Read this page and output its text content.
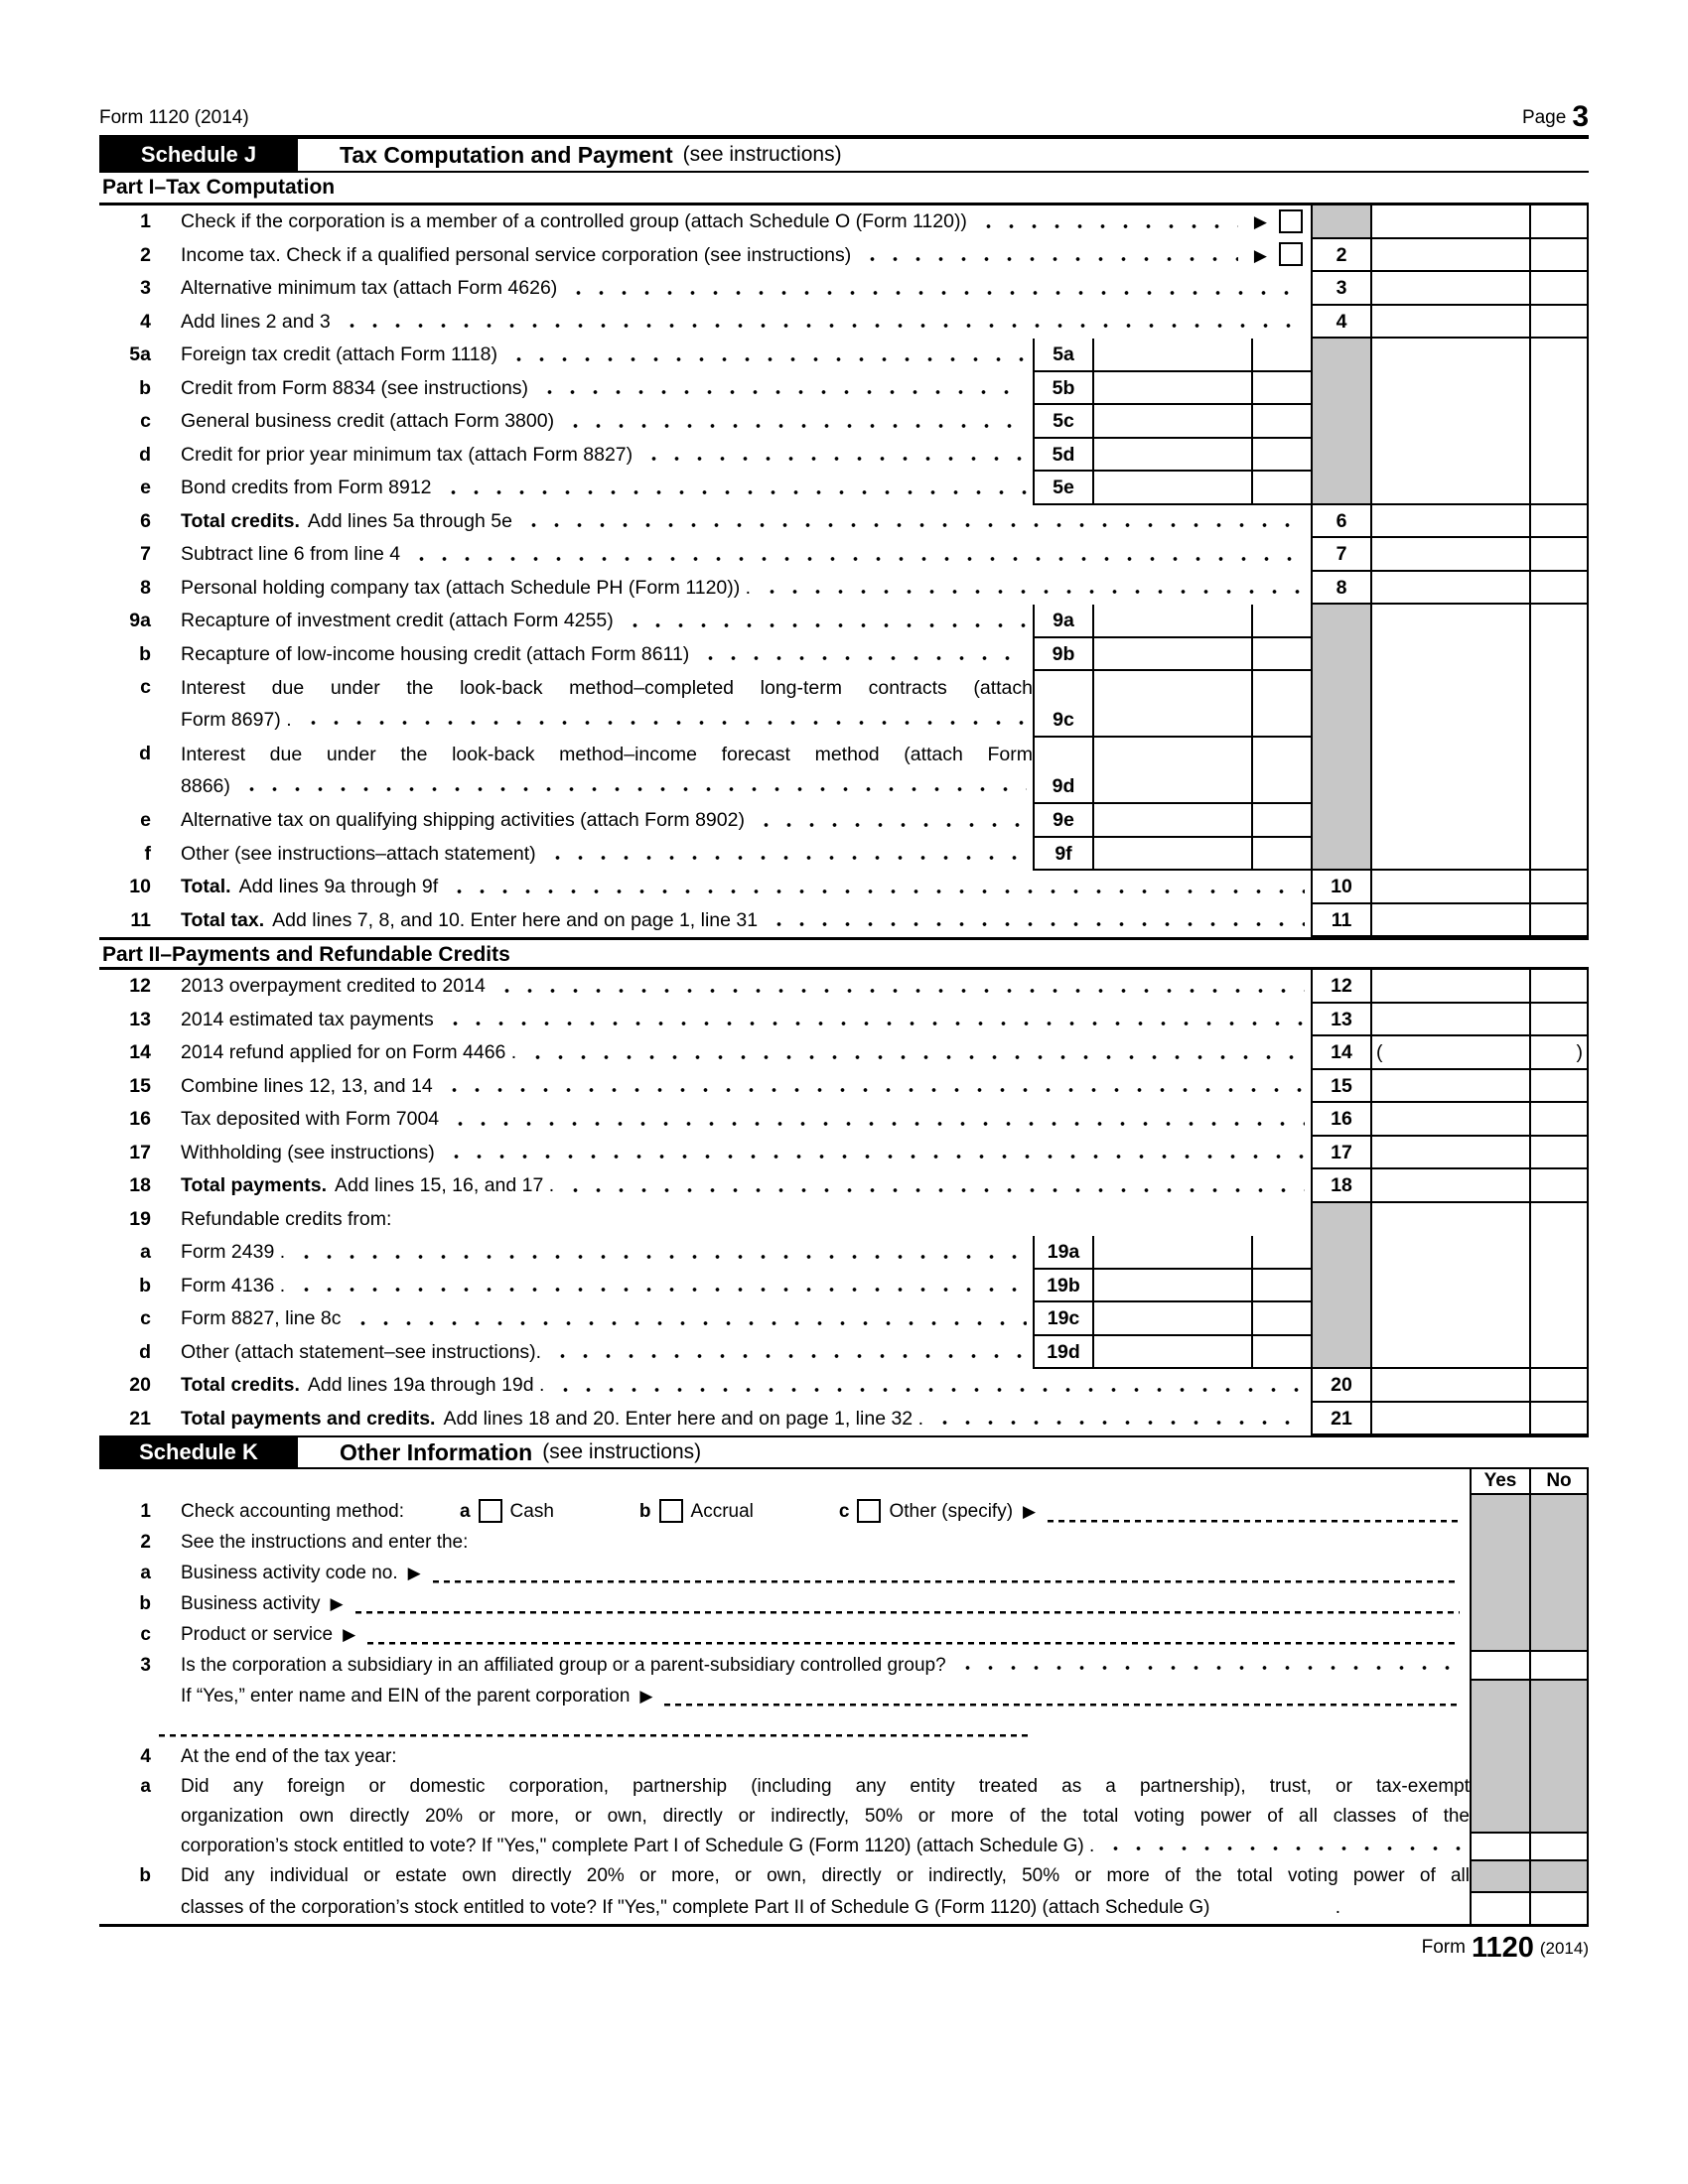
Form 1120 (2014)	Page 3
Schedule J	Tax Computation and Payment (see instructions)
Part I–Tax Computation
1 Check if the corporation is a member of a controlled group (attach Schedule O (Form 1120))	▶
2 Income tax. Check if a qualified personal service corporation (see instructions)	▶	2
3 Alternative minimum tax (attach Form 4626)	3
4 Add lines 2 and 3	4
5a Foreign tax credit (attach Form 1118)	5a
b Credit from Form 8834 (see instructions)	5b
c General business credit (attach Form 3800)	5c
d Credit for prior year minimum tax (attach Form 8827)	5d
e Bond credits from Form 8912	5e
6 Total credits. Add lines 5a through 5e	6
7 Subtract line 6 from line 4	7
8 Personal holding company tax (attach Schedule PH (Form 1120)) .	8
9a Recapture of investment credit (attach Form 4255)	9a
b Recapture of low-income housing credit (attach Form 8611)	9b
c Interest due under the look-back method–completed long-term contracts (attach
Form 8697) .	9c
d Interest due under the look-back method–income forecast method (attach Form
8866)	9d
e Alternative tax on qualifying shipping activities (attach Form 8902)	9e
f Other (see instructions–attach statement)	9f
10 Total. Add lines 9a through 9f	10
11 Total tax. Add lines 7, 8, and 10. Enter here and on page 1, line 31	11
Part II–Payments and Refundable Credits
12 2013 overpayment credited to 2014	12
13 2014 estimated tax payments	13
14 2014 refund applied for on Form 4466 .	14	(	)
15 Combine lines 12, 13, and 14	15
16 Tax deposited with Form 7004	16
17 Withholding (see instructions)	17
18 Total payments. Add lines 15, 16, and 17 .	18
19 Refundable credits from:
a Form 2439 .	19a
b Form 4136 .	19b
c Form 8827, line 8c	19c
d Other (attach statement–see instructions).	19d
20 Total credits. Add lines 19a through 19d .	20
21 Total payments and credits. Add lines 18 and 20. Enter here and on page 1, line 32 .	21
Schedule K	Other Information (see instructions)
Yes	No
1 Check accounting method:	a Cash	b Accrual	c Other (specify) ▶
2 See the instructions and enter the:
a Business activity code no. ▶
b Business activity ▶
c Product or service ▶
3 Is the corporation a subsidiary in an affiliated group or a parent-subsidiary controlled group?
If “Yes,” enter name and EIN of the parent corporation ▶
4 At the end of the tax year:
a	Did any foreign or domestic corporation, partnership (including any entity treated as a partnership), trust, or tax-exempt
organization own directly 20% or more, or own, directly or indirectly, 50% or more of the total voting power of all classes of the
corporation’s stock entitled to vote? If "Yes," complete Part I of Schedule G (Form 1120) (attach Schedule G) .
b	Did any individual or estate own directly 20% or more, or own, directly or indirectly, 50% or more of the total voting power of all
classes of the corporation’s stock entitled to vote? If "Yes," complete Part II of Schedule G (Form 1120) (attach Schedule G)	.
Form 1120 (2014)
